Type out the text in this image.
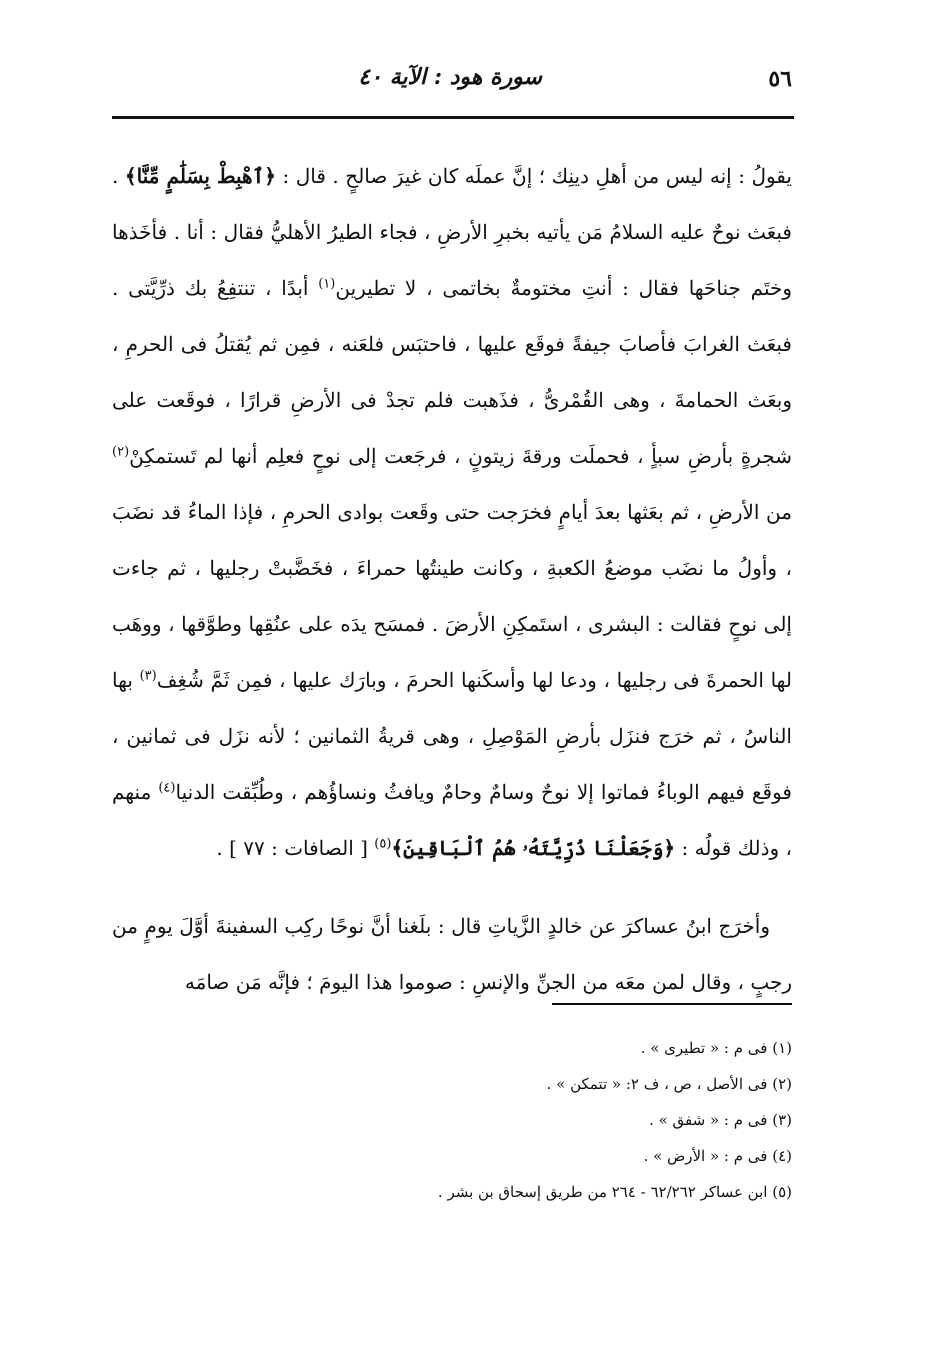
٥٦
سورة هود : الآية ٤٠

يقولُ : إنه ليس من أهلِ دينِك ؛ إنَّ عملَه كان غيرَ صالحٍ . قال : ﴿ٱهْبِطْ بِسَلَٰمٍ مِّنَّا﴾ . فبعَث نوحٌ عليه السلامُ مَن يأتيه بخبرِ الأرضِ ، فجاء الطيرُ الأهليُّ فقال : أنا . فأخَذها وختَم جناحَها فقال : أنتِ مختومةٌ بخاتمى ، لا تطيرين$^{(١)}$ أبدًا ، تنتفِعُ بك ذرِّيَّتى . فبعَث الغرابَ فأصابَ جيفةً فوقَع عليها ، فاحتبَس فلعَنه ، فمِن ثم يُقتلُ فى الحرمِ ، وبعَث الحمامةَ ، وهى القُمْرىُّ ، فذَهبت فلم تجدْ فى الأرضِ قرارًا ، فوقَعت على شجرةٍ بأرضِ سبأٍ ، فحملَت ورقةَ زيتونٍ ، فرجَعت إلى نوحٍ فعلِم أنها لم تَستمكِنْ$^{(٢)}$ من الأرضِ ، ثم بعَثها بعدَ أيامٍ فخرَجت حتى وقَعت بوادى الحرمِ ، فإذا الماءُ قد نضَبَ ، وأولُ ما نضَب موضعُ الكعبةِ ، وكانت طينتُها حمراءَ ، فخَضَّبتْ رجليها ، ثم جاءت إلى نوحٍ فقالت : البشرى ، استَمكِنِ الأرضَ . فمسَح يدَه على عنُقِها وطوَّقها ، ووهَب لها الحمرةَ فى رجليها ، ودعا لها وأسكَنها الحرمَ ، وبارَك عليها ، فمِن ثَمَّ شُغِف$^{(٣)}$ بها الناسُ ، ثم خرَج فنزَل بأرضِ المَوْصِلِ ، وهى قريةُ الثمانين ؛ لأنه نزَل فى ثمانين ، فوقَع فيهم الوباءُ فماتوا إلا نوحٌ وسامٌ وحامٌ ويافثُ ونساؤُهم ، وطُبِّقت الدنيا$^{(٤)}$ منهم ، وذلك قولُه : ﴿وَجَعَلْنَا ذُرِّيَّتَهُۥ هُمُ ٱلْبَاقِينَ﴾$^{(٥)}$ [ الصافات : ٧٧ ] .

وأخرَج ابنُ عساكرَ عن خالدٍ الزَّياتِ قال : بلَغنا أنَّ نوحًا ركِب السفينةَ أوَّلَ يومٍ من رجبٍ ، وقال لمن معَه من الجنِّ والإنسِ : صوموا هذا اليومَ ؛ فإنَّه مَن صامَه

(١) فى م : « تطيرى » .
(٢) فى الأصل ، ص ، ف ٢: « تتمكن » .
(٣) فى م : « شفق » .
(٤) فى م : « الأرض » .
(٥) ابن عساكر ٦٢/٢٦٢ - ٢٦٤ من طريق إسحاق بن بشر .
